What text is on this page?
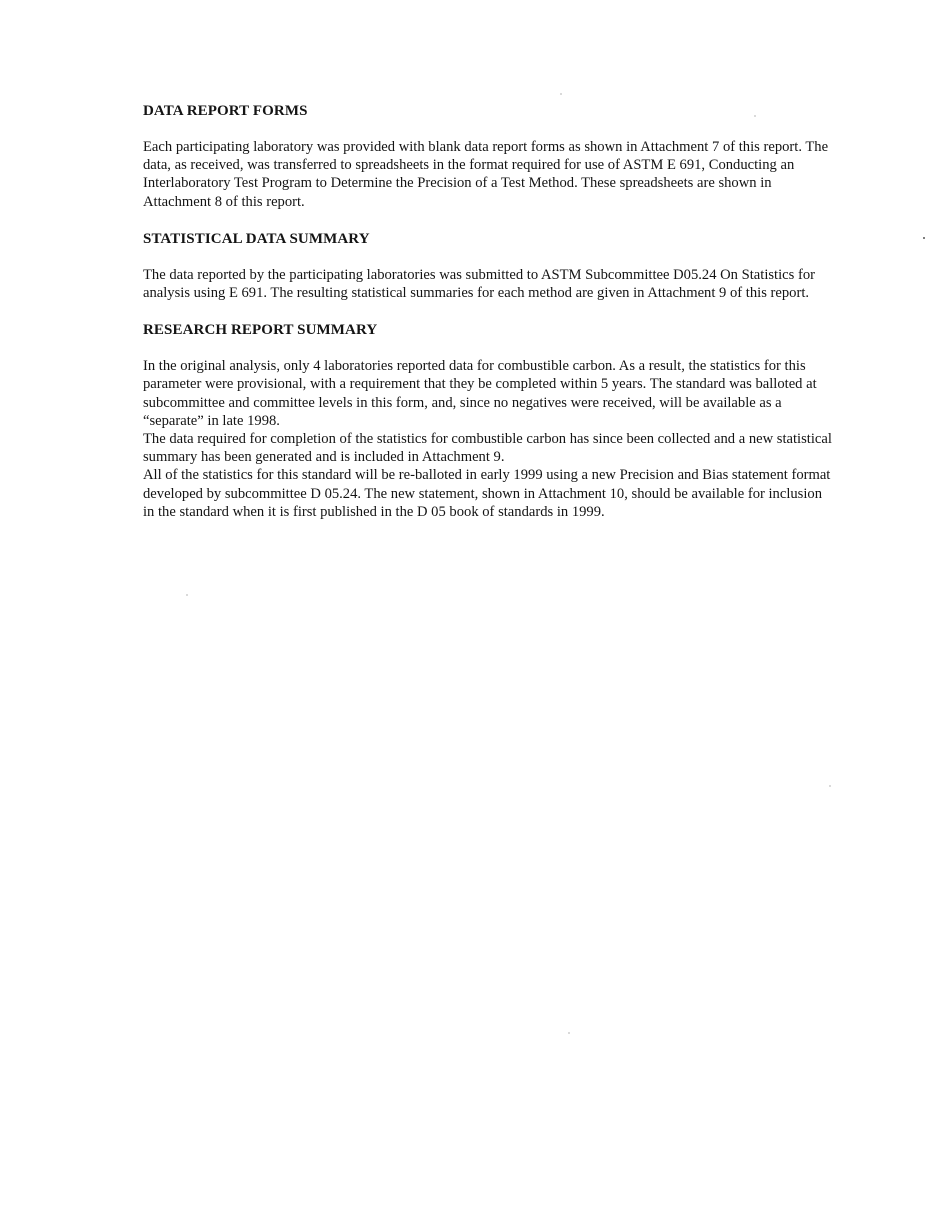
DATA REPORT FORMS

Each participating laboratory was provided with blank data report forms as shown in Attachment 7 of this report. The data, as received, was transferred to spreadsheets in the format required for use of ASTM E 691, Conducting an Interlaboratory Test Program to Determine the Precision of a Test Method. These spreadsheets are shown in Attachment 8 of this report.

STATISTICAL DATA SUMMARY

The data reported by the participating laboratories was submitted to ASTM Subcommittee D05.24 On Statistics for analysis using E 691. The resulting statistical summaries for each method are given in Attachment 9 of this report.

RESEARCH REPORT SUMMARY

In the original analysis, only 4 laboratories reported data for combustible carbon. As a result, the statistics for this parameter were provisional, with a requirement that they be completed within 5 years. The standard was balloted at subcommittee and committee levels in this form, and, since no negatives were received, will be available as a “separate” in late 1998.

The data required for completion of the statistics for combustible carbon has since been collected and a new statistical summary has been generated and is included in Attachment 9.

All of the statistics for this standard will be re-balloted in early 1999 using a new Precision and Bias statement format developed by subcommittee D 05.24. The new statement, shown in Attachment 10, should be available for inclusion in the standard when it is first published in the D 05 book of standards in 1999.
